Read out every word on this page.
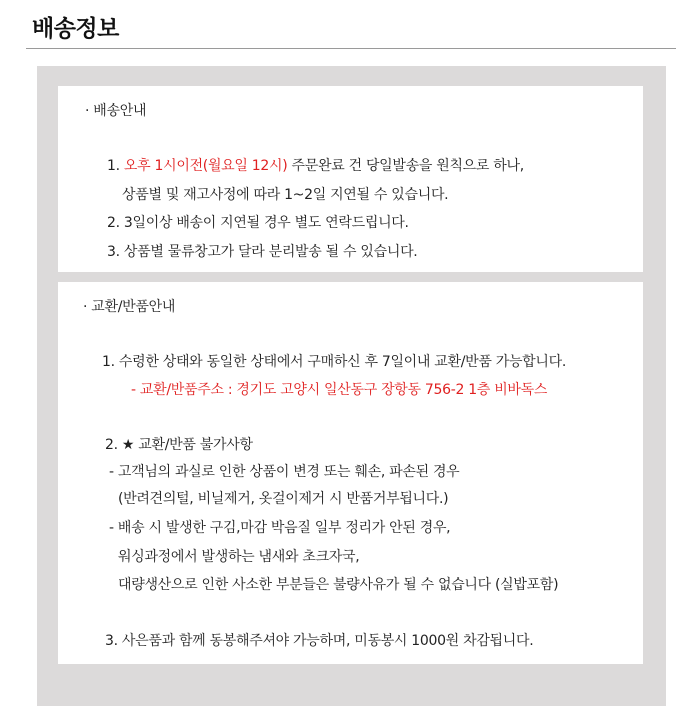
배송정보
· 배송안내
1. 오후 1시이전(월요일 12시) 주문완료 건 당일발송을 원칙으로 하나,
상품별 및 재고사정에 따라 1~2일 지연될 수 있습니다.
2. 3일이상 배송이 지연될 경우 별도 연락드립니다.
3. 상품별 물류창고가 달라 분리발송 될 수 있습니다.
· 교환/반품안내
1. 수령한 상태와 동일한 상태에서 구매하신 후 7일이내 교환/반품 가능합니다.
- 교환/반품주소 : 경기도 고양시 일산동구 장항동 756-2 1층 비바독스
2. ★ 교환/반품 불가사항
- 고객님의 과실로 인한 상품이 변경 또는 훼손, 파손된 경우
(반려견의털, 비닐제거, 옷걸이제거 시 반품거부됩니다.)
- 배송 시 발생한 구김,마감 박음질 일부 정리가 안된 경우,
워싱과정에서 발생하는 냄새와 초크자국,
대량생산으로 인한 사소한 부분들은 불량사유가 될 수 없습니다 (실밥포함)
3. 사은품과 함께 동봉해주셔야 가능하며, 미동봉시 1000원 차감됩니다.
